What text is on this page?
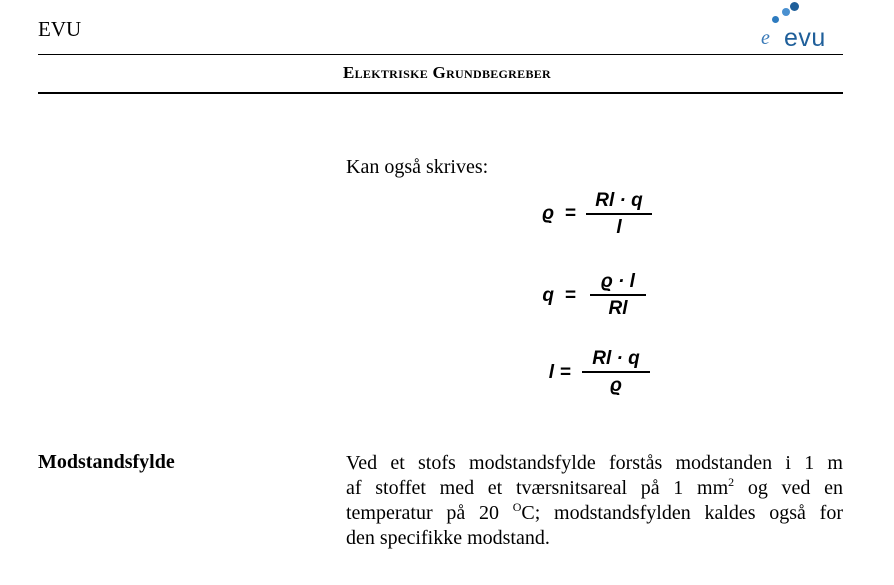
EVU	e evu
Elektriske Grundbegreber
Kan også skrives:
ϱ =
Rl · q
l
q =
ϱ · l
Rl
l =
Rl · q
ϱ
Modstandsfylde	Ved et stofs modstandsfylde forstås modstanden i 1 m
af stoffet med et tværsnitsareal på 1 $mm^2$ og ved en
temperatur på 20 $^O$C; modstandsfylden kaldes også for
den specifikke modstand.
